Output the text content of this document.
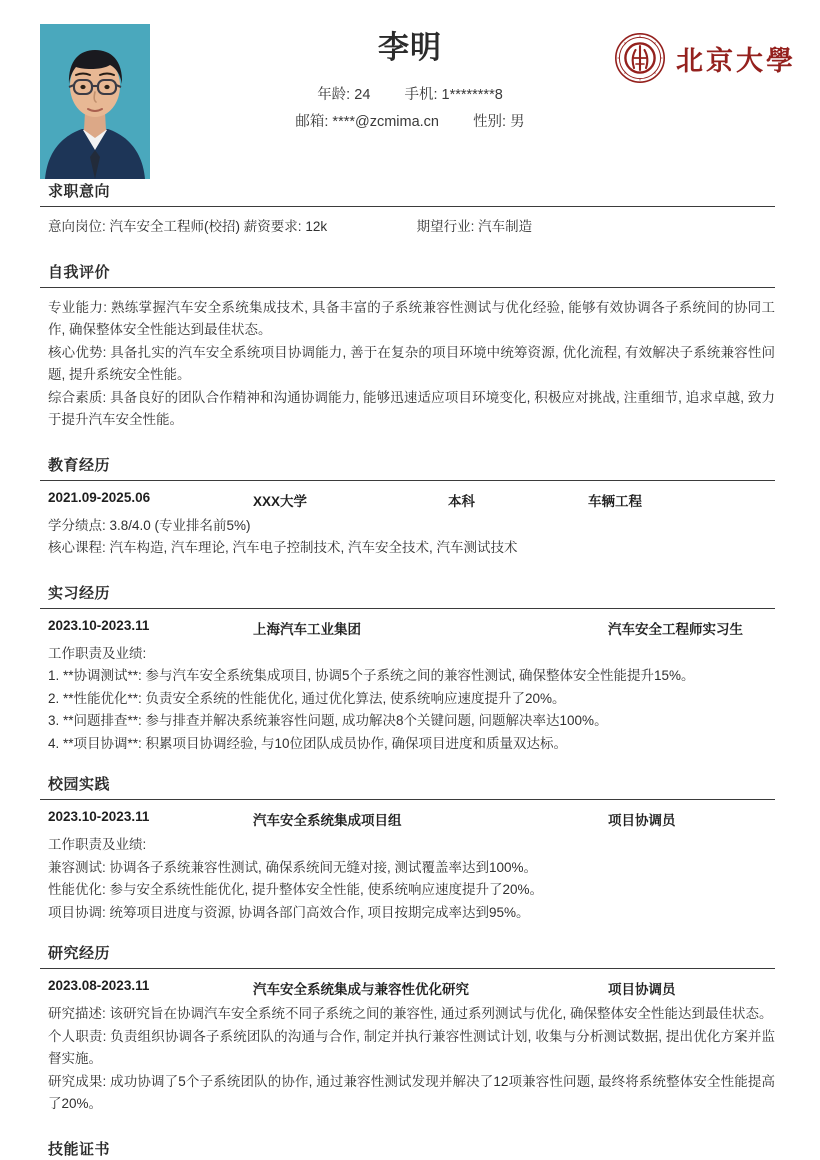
李明
年龄: 24 手机: 1********8
邮箱: ****@zcmima.cn 性别: 男
北京大學
求职意向
意向岗位: 汽车安全工程师(校招) 薪资要求: 12k	期望行业: 汽车制造
自我评价
专业能力: 熟练掌握汽车安全系统集成技术, 具备丰富的子系统兼容性测试与优化经验, 能够有效协调各子系统间的协同工作, 确保整体安全性能达到最佳状态。
核心优势: 具备扎实的汽车安全系统项目协调能力, 善于在复杂的项目环境中统筹资源, 优化流程, 有效解决子系统兼容性问题, 提升系统安全性能。
综合素质: 具备良好的团队合作精神和沟通协调能力, 能够迅速适应项目环境变化, 积极应对挑战, 注重细节, 追求卓越, 致力于提升汽车安全性能。
教育经历
2021.09-2025.06	XXX大学	本科	车辆工程
学分绩点: 3.8/4.0 (专业排名前5%)
核心课程: 汽车构造, 汽车理论, 汽车电子控制技术, 汽车安全技术, 汽车测试技术
实习经历
2023.10-2023.11	上海汽车工业集团	汽车安全工程师实习生
工作职责及业绩:
1. **协调测试**: 参与汽车安全系统集成项目, 协调5个子系统之间的兼容性测试, 确保整体安全性能提升15%。
2. **性能优化**: 负责安全系统的性能优化, 通过优化算法, 使系统响应速度提升了20%。
3. **问题排查**: 参与排查并解决系统兼容性问题, 成功解决8个关键问题, 问题解决率达100%。
4. **项目协调**: 积累项目协调经验, 与10位团队成员协作, 确保项目进度和质量双达标。
校园实践
2023.10-2023.11	汽车安全系统集成项目组	项目协调员
工作职责及业绩:
兼容测试: 协调各子系统兼容性测试, 确保系统间无缝对接, 测试覆盖率达到100%。
性能优化: 参与安全系统性能优化, 提升整体安全性能, 使系统响应速度提升了20%。
项目协调: 统筹项目进度与资源, 协调各部门高效合作, 项目按期完成率达到95%。
研究经历
2023.08-2023.11	汽车安全系统集成与兼容性优化研究	项目协调员
研究描述: 该研究旨在协调汽车安全系统不同子系统之间的兼容性, 通过系列测试与优化, 确保整体安全性能达到最佳状态。
个人职责: 负责组织协调各子系统团队的沟通与合作, 制定并执行兼容性测试计划, 收集与分析测试数据, 提出优化方案并监督实施。
研究成果: 成功协调了5个子系统团队的协作, 通过兼容性测试发现并解决了12项兼容性问题, 最终将系统整体安全性能提高了20%。
技能证书
